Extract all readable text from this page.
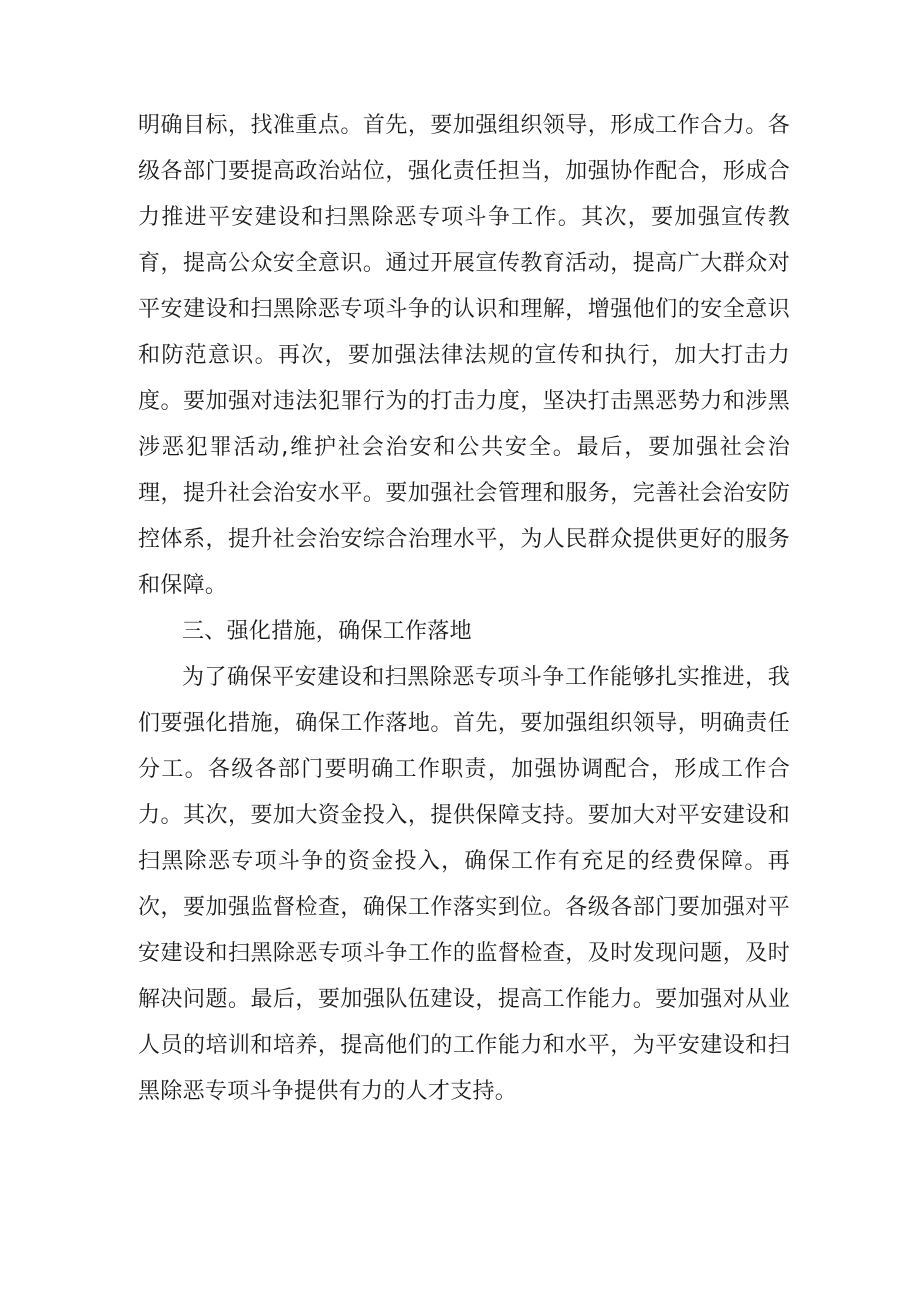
明确目标，找准重点。首先，要加强组织领导，形成工作合力。各级各部门要提高政治站位，强化责任担当，加强协作配合，形成合力推进平安建设和扫黑除恶专项斗争工作。其次，要加强宣传教育，提高公众安全意识。通过开展宣传教育活动，提高广大群众对平安建设和扫黑除恶专项斗争的认识和理解，增强他们的安全意识和防范意识。再次，要加强法律法规的宣传和执行，加大打击力度。要加强对违法犯罪行为的打击力度，坚决打击黑恶势力和涉黑涉恶犯罪活动,维护社会治安和公共安全。最后，要加强社会治理，提升社会治安水平。要加强社会管理和服务，完善社会治安防控体系，提升社会治安综合治理水平，为人民群众提供更好的服务和保障。

三、强化措施，确保工作落地

为了确保平安建设和扫黑除恶专项斗争工作能够扎实推进，我们要强化措施，确保工作落地。首先，要加强组织领导，明确责任分工。各级各部门要明确工作职责，加强协调配合，形成工作合力。其次，要加大资金投入，提供保障支持。要加大对平安建设和扫黑除恶专项斗争的资金投入，确保工作有充足的经费保障。再次，要加强监督检查，确保工作落实到位。各级各部门要加强对平安建设和扫黑除恶专项斗争工作的监督检查，及时发现问题，及时解决问题。最后，要加强队伍建设，提高工作能力。要加强对从业人员的培训和培养，提高他们的工作能力和水平，为平安建设和扫黑除恶专项斗争提供有力的人才支持。
